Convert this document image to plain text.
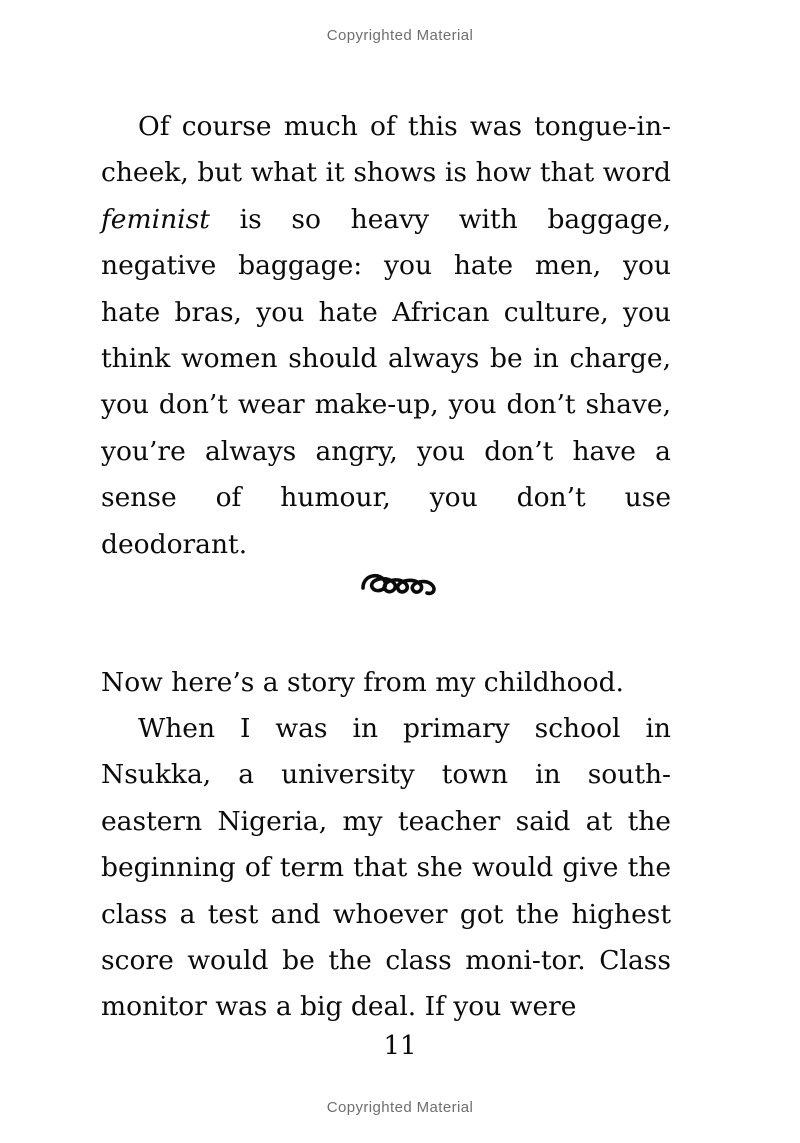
Copyrighted Material

Of course much of this was tongue-in-cheek, but what it shows is how that word feminist is so heavy with baggage, negative baggage: you hate men, you hate bras, you hate African culture, you think women should always be in charge, you don’t wear make-up, you don’t shave, you’re always angry, you don’t have a sense of humour, you don’t use deodorant.

Now here’s a story from my childhood.

When I was in primary school in Nsukka, a university town in south-eastern Nigeria, my teacher said at the beginning of term that she would give the class a test and whoever got the highest score would be the class moni-tor. Class monitor was a big deal. If you were

11
Copyrighted Material
